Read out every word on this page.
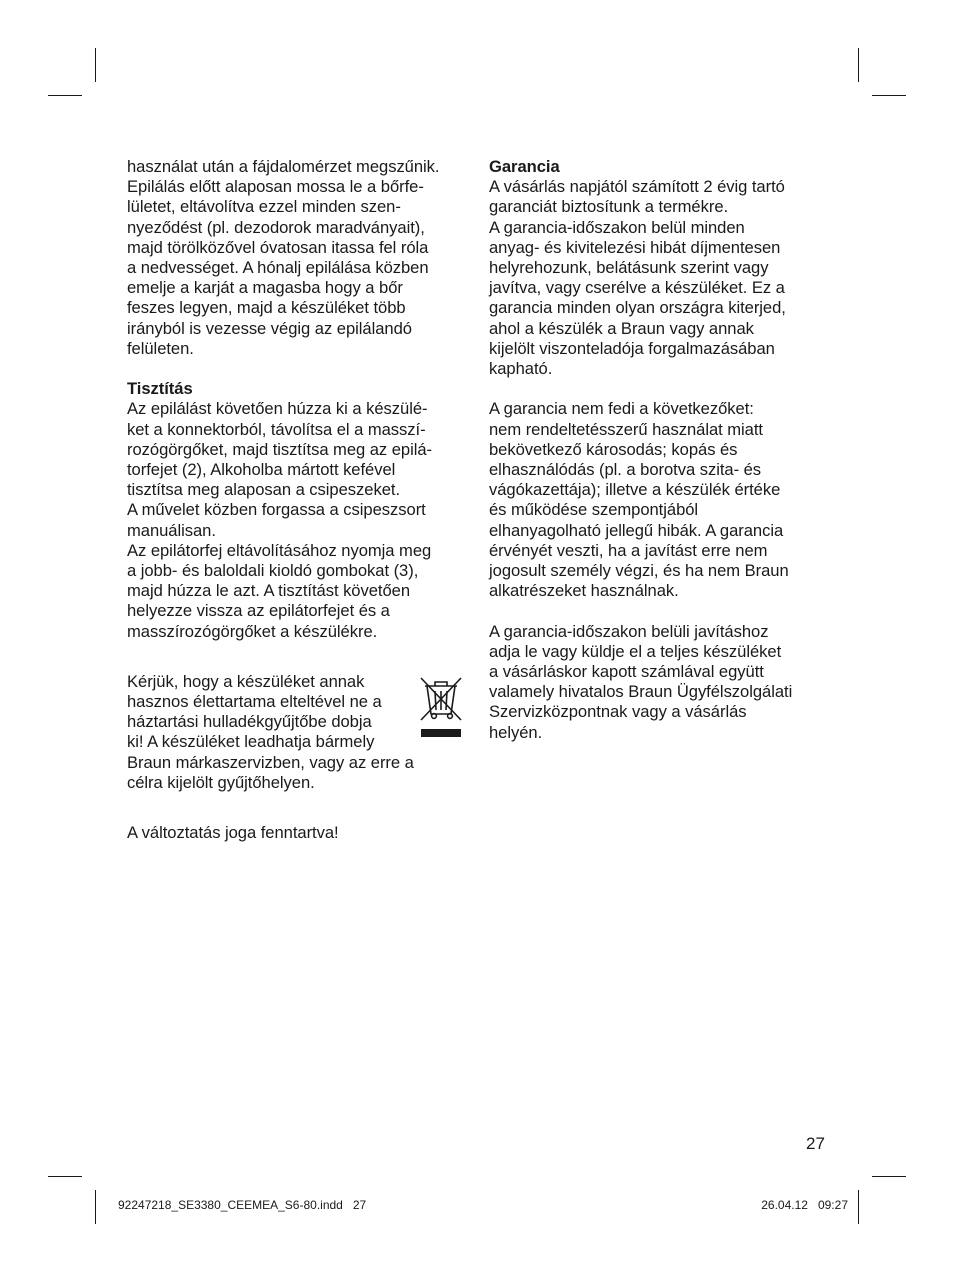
használat után a fájdalomérzet megszűnik.
Epilálás előtt alaposan mossa le a bőrfe-
lületet, eltávolítva ezzel minden szen-
nyeződést (pl. dezodorok maradványait),
majd törölközővel óvatosan itassa fel róla
a nedvességet. A hónalj epilálása közben
emelje a karját a magasba hogy a bőr
feszes legyen, majd a készüléket több
irányból is vezesse végig az epilálandó
felületen.
Tisztítás
Az epilálást követően húzza ki a készülé-
ket a konnektorból, távolítsa el a masszí-
rozógörgőket, majd tisztítsa meg az epilá-
torfejet (2), Alkoholba mártott kefével
tisztítsa meg alaposan a csipeszeket.
A művelet közben forgassa a csipeszsort
manuálisan.
Az epilátorfej eltávolításához nyomja meg
a jobb- és baloldali kioldó gombokat (3),
majd húzza le azt. A tisztítást követően
helyezze vissza az epilátorfejet és a
masszírozógörgőket a készülékre.
Kérjük, hogy a készüléket annak
hasznos élettartama elteltével ne a
háztartási hulladékgyűjtőbe dobja
ki! A készüléket leadhatja bármely
Braun márkaszervizben, vagy az erre a
célra kijelölt gyűjtőhelyen.
A változtatás joga fenntartva!
Garancia
A vásárlás napjától számított 2 évig tartó
garanciát biztosítunk a termékre.
A garancia-időszakon belül minden
anyag- és kivitelezési hibát díjmentesen
helyrehozunk, belátásunk szerint vagy
javítva, vagy cserélve a készüléket. Ez a
garancia minden olyan országra kiterjed,
ahol a készülék a Braun vagy annak
kijelölt viszonteladója forgalmazásában
kapható.
A garancia nem fedi a következőket:
nem rendeltetésszerű használat miatt
bekövetkező károsodás; kopás és
elhasználódás (pl. a borotva szita- és
vágókazettája); illetve a készülék értéke
és működése szempontjából
elhanyagolható jellegű hibák. A garancia
érvényét veszti, ha a javítást erre nem
jogosult személy végzi, és ha nem Braun
alkatrészeket használnak.
A garancia-időszakon belüli javításhoz
adja le vagy küldje el a teljes készüléket
a vásárláskor kapott számlával együtt
valamely hivatalos Braun Ügyfélszolgálati
Szervizközpontnak vagy a vásárlás
helyén.
27
92247218_SE3380_CEEMEA_S6-80.indd   27	26.04.12   09:27
